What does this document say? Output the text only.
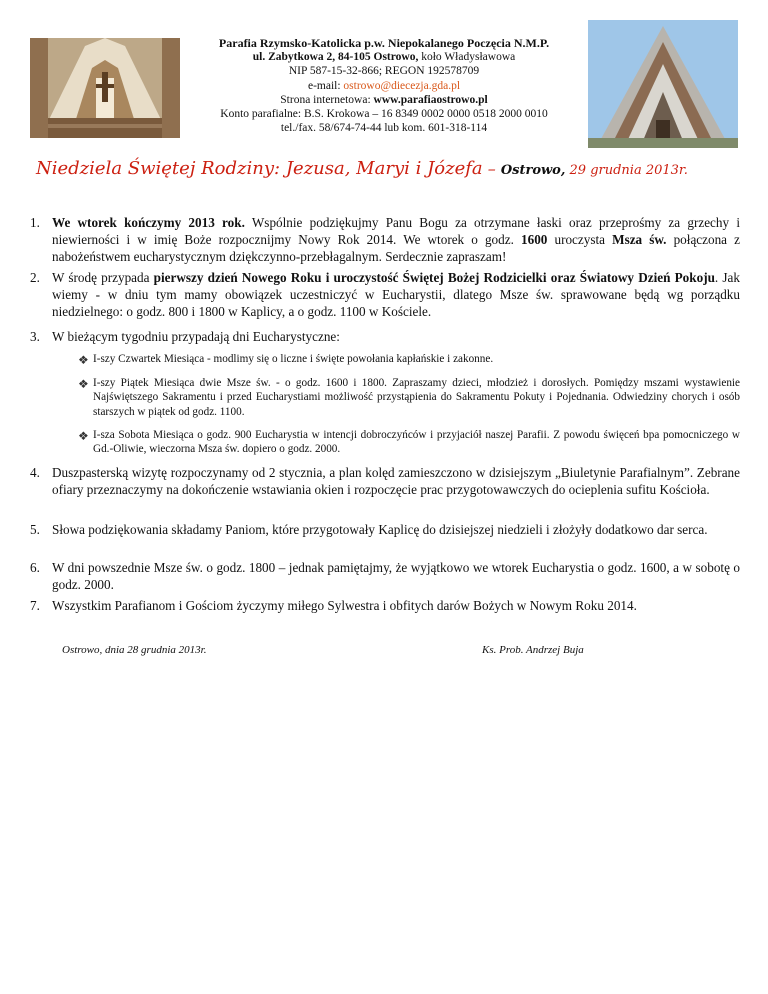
Parafia Rzymsko-Katolicka p.w. Niepokalanego Poczęcia N.M.P.
ul. Zabytkowa 2, 84-105 Ostrowo, koło Władysławowa
NIP 587-15-32-866; REGON 192578709
e-mail: ostrowo@diecezja.gda.pl
Strona internetowa: www.parafiaostrowo.pl
Konto parafialne: B.S. Krokowa – 16 8349 0002 0000 0518 2000 0010
tel./fax. 58/674-74-44 lub kom. 601-318-114
Niedziela Świętej Rodziny: Jezusa, Maryi i Józefa – Ostrowo, 29 grudnia 2013r.
1. We wtorek kończymy 2013 rok. Wspólnie podziękujmy Panu Bogu za otrzymane łaski oraz przeprośmy za grzechy i niewierności i w imię Boże rozpocznijmy Nowy Rok 2014. We wtorek o godz. 1600 uroczysta Msza św. połączona z nabożeństwem eucharystycznym dziękczynno-przebłagalnym. Serdecznie zapraszam!
2. W środę przypada pierwszy dzień Nowego Roku i uroczystość Świętej Bożej Rodzicielki oraz Światowy Dzień Pokoju. Jak wiemy - w dniu tym mamy obowiązek uczestniczyć w Eucharystii, dlatego Msze św. sprawowane będą wg porządku niedzielnego: o godz. 800 i 1800 w Kaplicy, a o godz. 1100 w Kościele.
3. W bieżącym tygodniu przypadają dni Eucharystyczne:
4. Duszpasterską wizytę rozpoczynamy od 2 stycznia, a plan kolęd zamieszczono w dzisiejszym „Biuletynie Parafialnym”. Zebrane ofiary przeznaczymy na dokończenie wstawiania okien i rozpoczęcie prac przygotowawczych do ocieplenia sufitu Kościoła.
5. Słowa podziękowania składamy Paniom, które przygotowały Kaplicę do dzisiejszej niedzieli i złożyły dodatkowo dar serca.
6. W dni powszednie Msze św. o godz. 1800 – jednak pamiętajmy, że wyjątkowo we wtorek Eucharystia o godz. 1600, a w sobotę o godz. 2000.
7. Wszystkim Parafianom i Gościom życzymy miłego Sylwestra i obfitych darów Bożych w Nowym Roku 2014.
❖ I-szy Czwartek Miesiąca - modlimy się o liczne i święte powołania kapłańskie i zakonne.
❖ I-szy Piątek Miesiąca dwie Msze św. - o godz. 1600 i 1800. Zapraszamy dzieci, młodzież i dorosłych. Pomiędzy mszami wystawienie Najświętszego Sakramentu i przed Eucharystiami możliwość przystąpienia do Sakramentu Pokuty i Pojednania. Odwiedziny chorych i osób starszych w piątek od godz. 1100.
❖ I-sza Sobota Miesiąca o godz. 900 Eucharystia w intencji dobroczyńców i przyjaciół naszej Parafii. Z powodu święceń bpa pomocniczego w Gd.-Oliwie, wieczorna Msza św. dopiero o godz. 2000.
Ostrowo, dnia 28 grudnia 2013r.	Ks. Prob. Andrzej Buja
